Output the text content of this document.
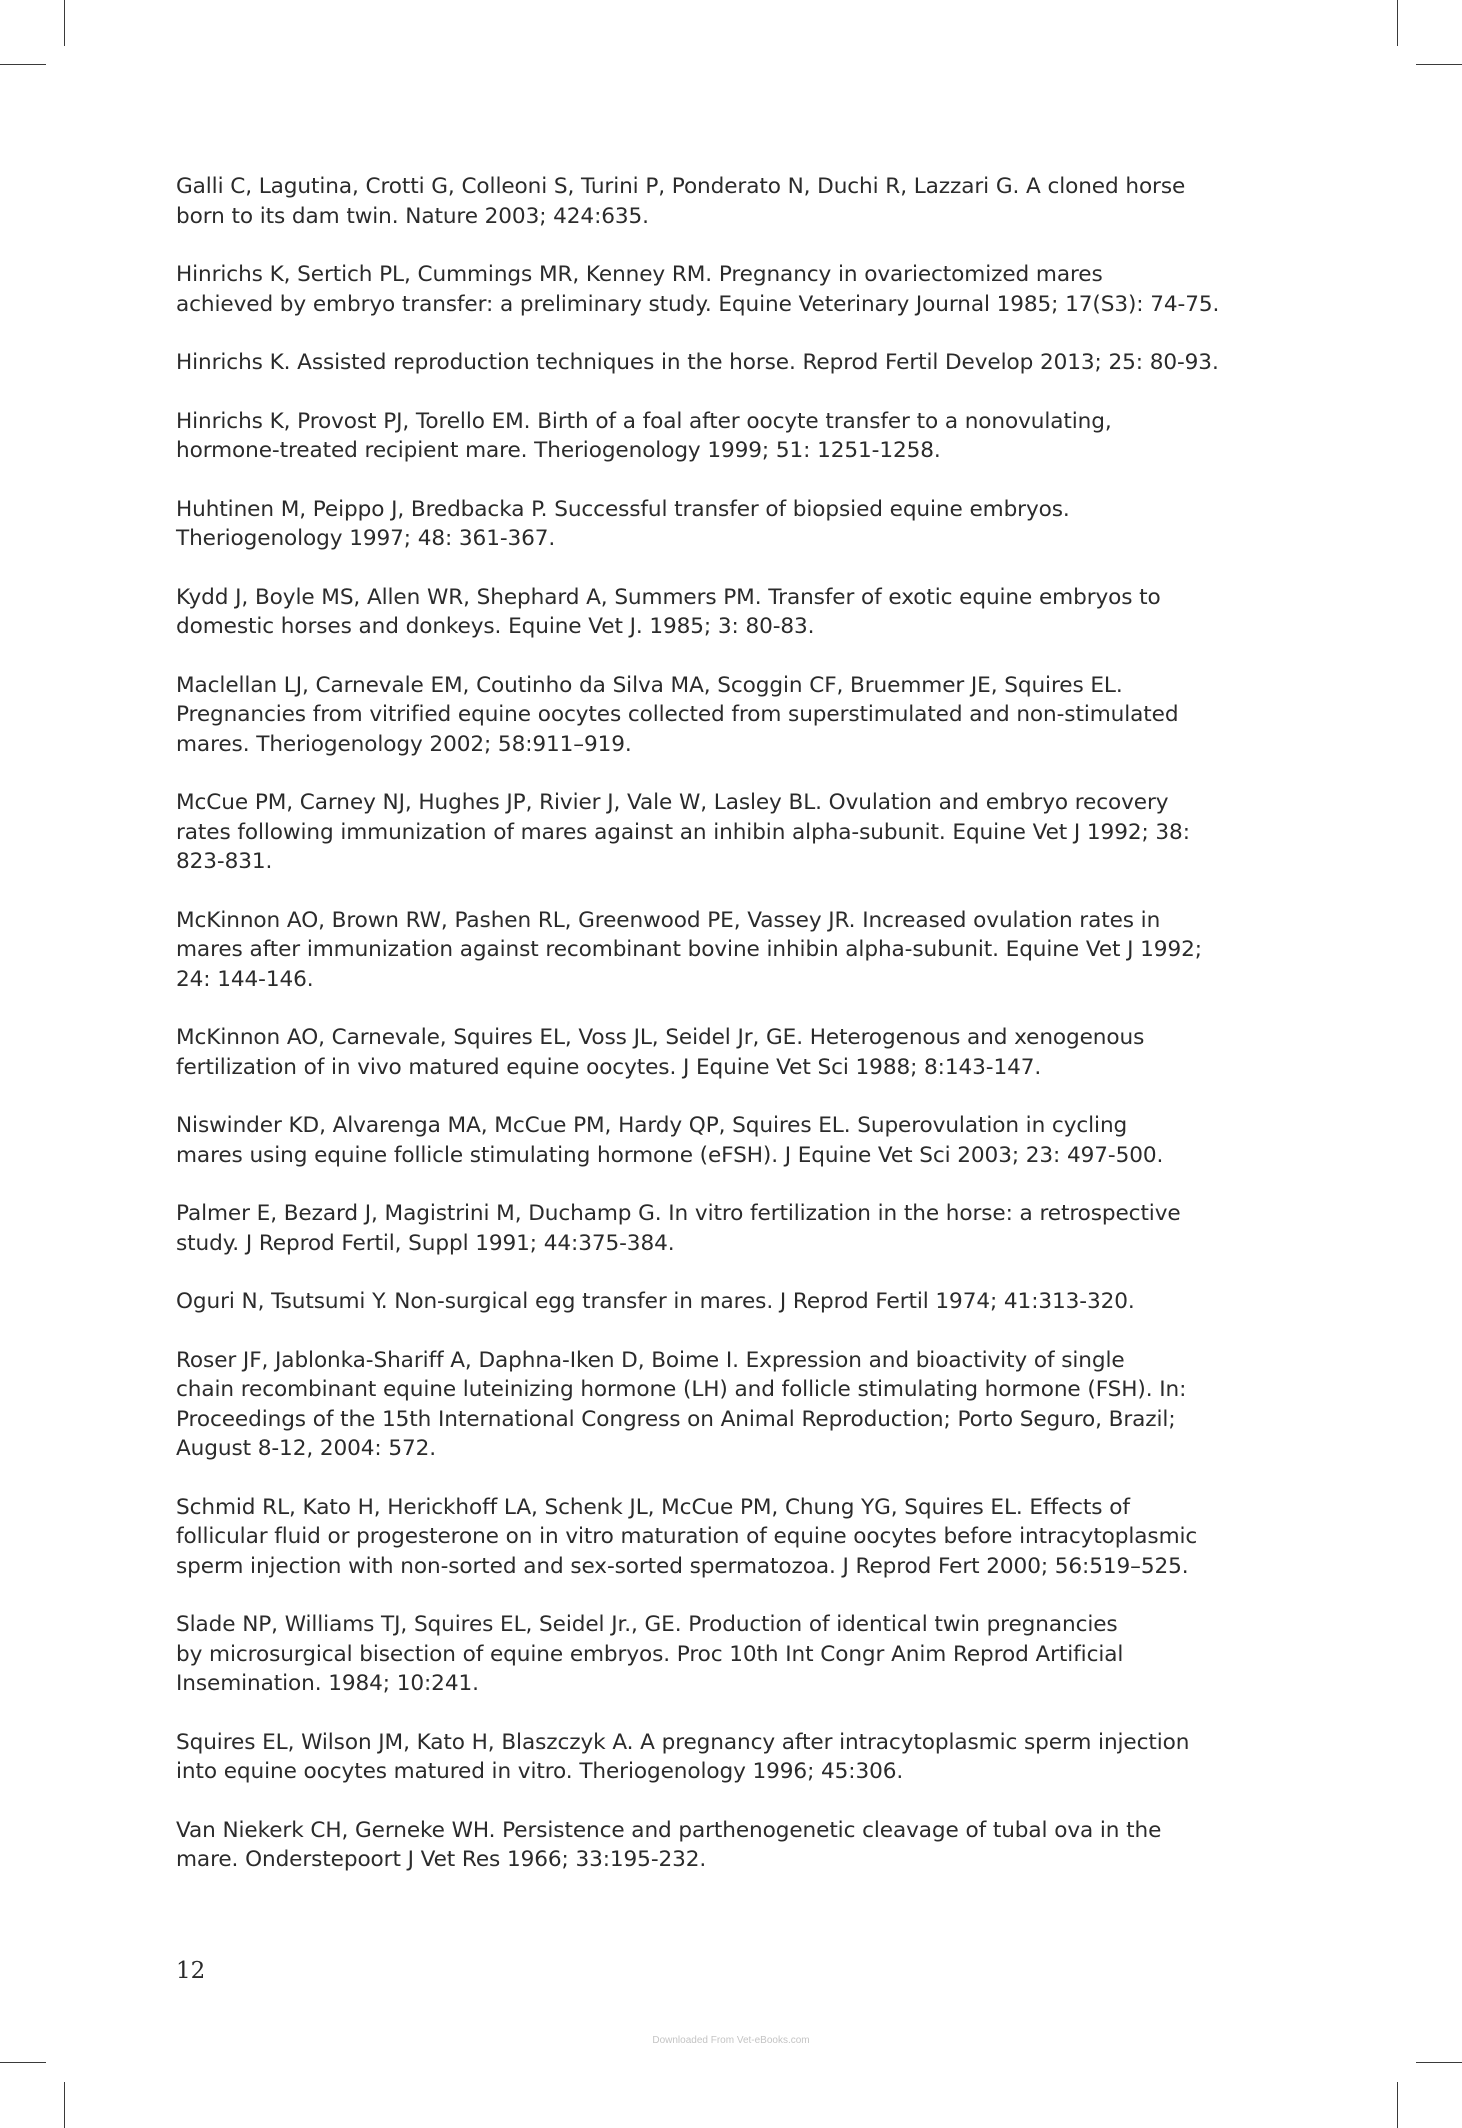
Galli C, Lagutina, Crotti G, Colleoni S, Turini P, Ponderato N, Duchi R, Lazzari G. A cloned horse
born to its dam twin. Nature 2003; 424:635.
Hinrichs K, Sertich PL, Cummings MR, Kenney RM. Pregnancy in ovariectomized mares
achieved by embryo transfer: a preliminary study. Equine Veterinary Journal 1985; 17(S3): 74-75.
Hinrichs K. Assisted reproduction techniques in the horse. Reprod Fertil Develop 2013; 25: 80-93.
Hinrichs K, Provost PJ, Torello EM. Birth of a foal after oocyte transfer to a nonovulating,
hormone-treated recipient mare. Theriogenology 1999; 51: 1251-1258.
Huhtinen M, Peippo J, Bredbacka P. Successful transfer of biopsied equine embryos.
Theriogenology 1997; 48: 361-367.
Kydd J, Boyle MS, Allen WR, Shephard A, Summers PM. Transfer of exotic equine embryos to
domestic horses and donkeys. Equine Vet J. 1985; 3: 80-83.
Maclellan LJ, Carnevale EM, Coutinho da Silva MA, Scoggin CF, Bruemmer JE, Squires EL.
Pregnancies from vitrified equine oocytes collected from superstimulated and non-stimulated
mares. Theriogenology 2002; 58:911–919.
McCue PM, Carney NJ, Hughes JP, Rivier J, Vale W, Lasley BL. Ovulation and embryo recovery
rates following immunization of mares against an inhibin alpha-subunit. Equine Vet J 1992; 38:
823-831.
McKinnon AO, Brown RW, Pashen RL, Greenwood PE, Vassey JR. Increased ovulation rates in
mares after immunization against recombinant bovine inhibin alpha-subunit. Equine Vet J 1992;
24: 144-146.
McKinnon AO, Carnevale, Squires EL, Voss JL, Seidel Jr, GE. Heterogenous and xenogenous
fertilization of in vivo matured equine oocytes. J Equine Vet Sci 1988; 8:143-147.
Niswinder KD, Alvarenga MA, McCue PM, Hardy QP, Squires EL. Superovulation in cycling
mares using equine follicle stimulating hormone (eFSH). J Equine Vet Sci 2003; 23: 497-500.
Palmer E, Bezard J, Magistrini M, Duchamp G. In vitro fertilization in the horse: a retrospective
study. J Reprod Fertil, Suppl 1991; 44:375-384.
Oguri N, Tsutsumi Y. Non-surgical egg transfer in mares. J Reprod Fertil 1974; 41:313-320.
Roser JF, Jablonka-Shariff A, Daphna-Iken D, Boime I. Expression and bioactivity of single
chain recombinant equine luteinizing hormone (LH) and follicle stimulating hormone (FSH). In:
Proceedings of the 15th International Congress on Animal Reproduction; Porto Seguro, Brazil;
August 8-12, 2004: 572.
Schmid RL, Kato H, Herickhoff LA, Schenk JL, McCue PM, Chung YG, Squires EL. Effects of
follicular fluid or progesterone on in vitro maturation of equine oocytes before intracytoplasmic
sperm injection with non-sorted and sex-sorted spermatozoa. J Reprod Fert 2000; 56:519–525.
Slade NP, Williams TJ, Squires EL, Seidel Jr., GE. Production of identical twin pregnancies
by microsurgical bisection of equine embryos. Proc 10th Int Congr Anim Reprod Artificial
Insemination. 1984; 10:241.
Squires EL, Wilson JM, Kato H, Blaszczyk A. A pregnancy after intracytoplasmic sperm injection
into equine oocytes matured in vitro. Theriogenology 1996; 45:306.
Van Niekerk CH, Gerneke WH. Persistence and parthenogenetic cleavage of tubal ova in the
mare. Onderstepoort J Vet Res 1966; 33:195-232.
12
Downloaded From Vet-eBooks.com
